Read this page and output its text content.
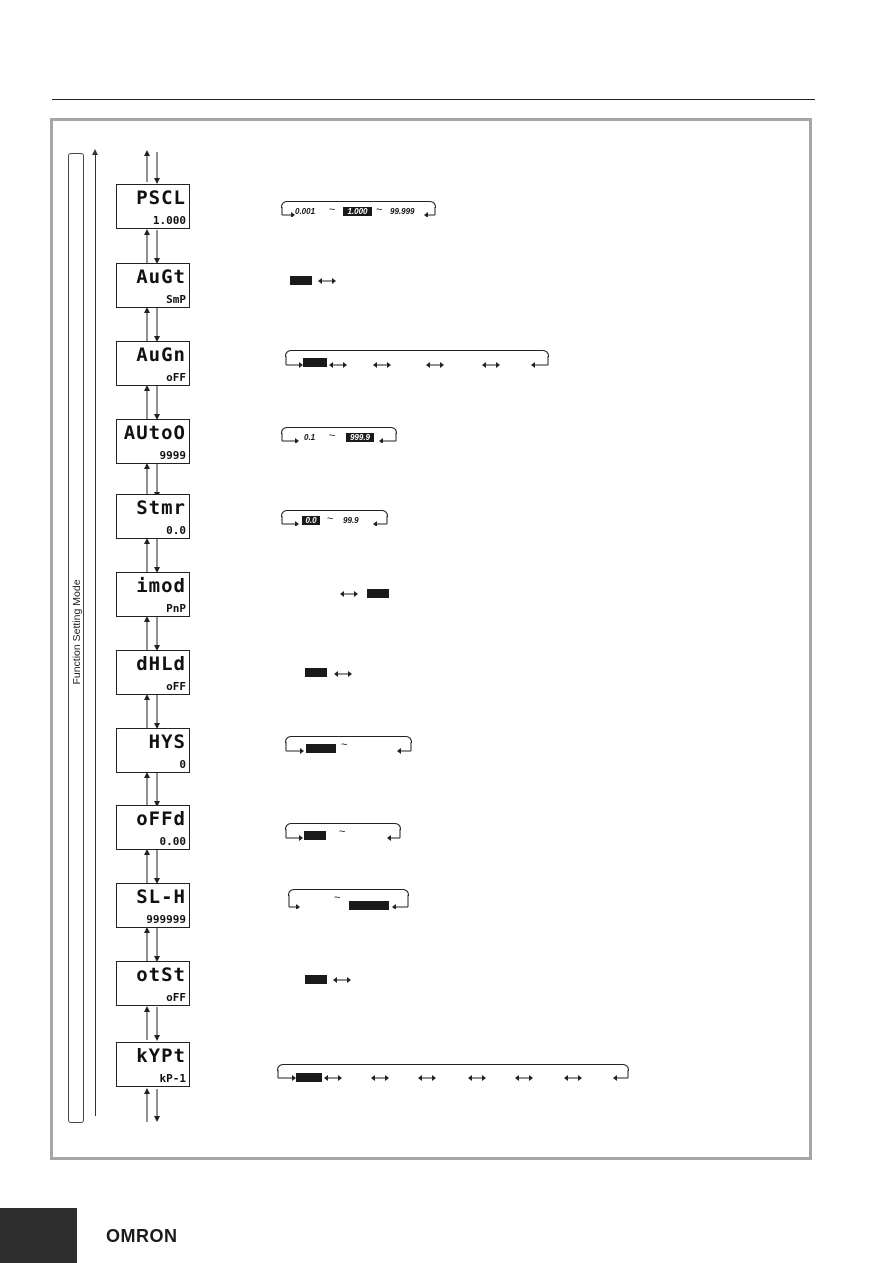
Function Setting Mode
PSCL
1.000
0.001 ~	1.000 ~ 99.999
AuGt
SmP
AuGn
oFF
AUtoO
9999
0.1 ~	999.9
Stmr
0.0
0.0 ~ 99.9
imod
PnP
dHLd
oFF
HYS
0
~
oFFd
0.00
~
SL-H
999999
~
otSt
oFF
kYPt
kP-1
OMRON
